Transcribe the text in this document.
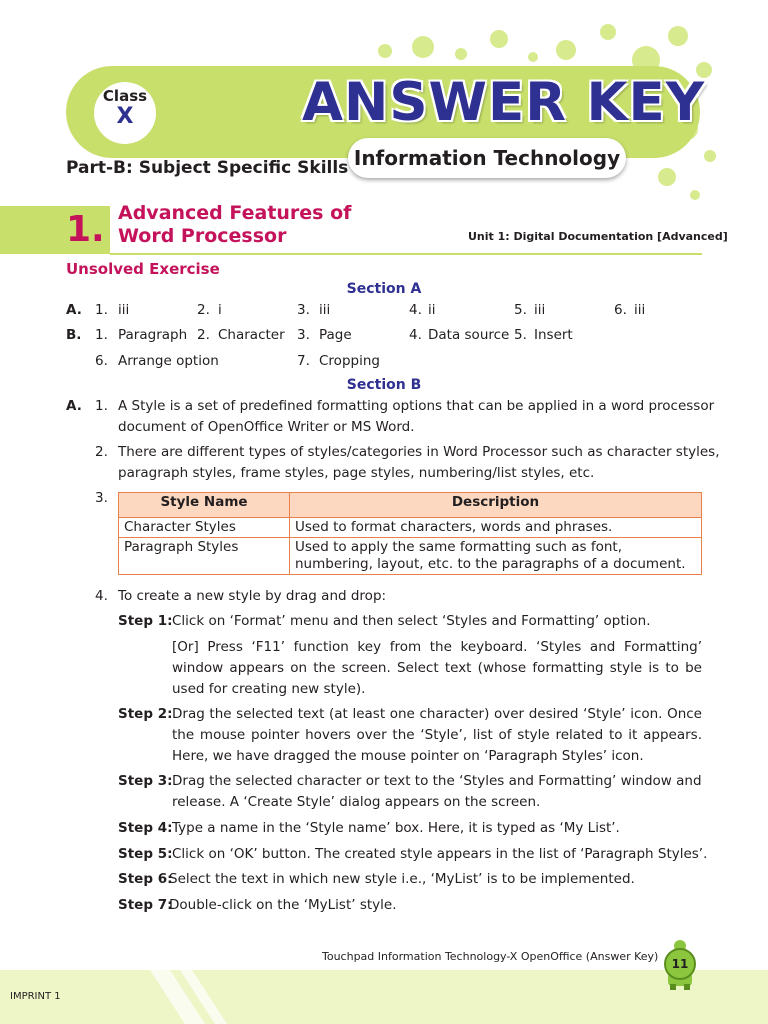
Class
X	ANSWER KEY
Information Technology
Part-B: Subject Specific Skills
1. Advanced Features of
Word Processor	Unit 1: Digital Documentation [Advanced]
Unsolved Exercise
Section A
A. 1. iii	2. i	3. iii	4. ii	5. iii	6. iii
B. 1. Paragraph 2. Character 3. Page	4. Data source 5. Insert
6. Arrange option	7. Cropping
Section B
A. 1. A Style is a set of predefined formatting options that can be applied in a word processor
document of OpenOffice Writer or MS Word.
2. There are different types of styles/categories in Word Processor such as character styles,
paragraph styles, frame styles, page styles, numbering/list styles, etc.
3.	Style Name	Description
Character Styles	Used to format characters, words and phrases.
Paragraph Styles	Used to apply the same formatting such as font, numbering, layout, etc. to the paragraphs of a document.
4. To create a new style by drag and drop:
Step 1: Click on ‘Format’ menu and then select ‘Styles and Formatting’ option.
[Or] Press ‘F11’ function key from the keyboard. ‘Styles and Formatting’ window appears on the screen. Select text (whose formatting style is to be used for creating new style).
Step 2: Drag the selected text (at least one character) over desired ‘Style’ icon. Once the mouse pointer hovers over the ‘Style’, list of style related to it appears. Here, we have dragged the mouse pointer on ‘Paragraph Styles’ icon.
Step 3: Drag the selected character or text to the ‘Styles and Formatting’ window and release. A ‘Create Style’ dialog appears on the screen.
Step 4: Type a name in the ‘Style name’ box. Here, it is typed as ‘My List’.
Step 5: Click on ‘OK’ button. The created style appears in the list of ‘Paragraph Styles’.
Step 6:
Select the text in which new style i.e., ‘MyList’ is to be implemented.
Step 7:
Double-click on the ‘MyList’ style.
Touchpad Information Technology-X OpenOffice (Answer Key)
11
IMPRINT 1
